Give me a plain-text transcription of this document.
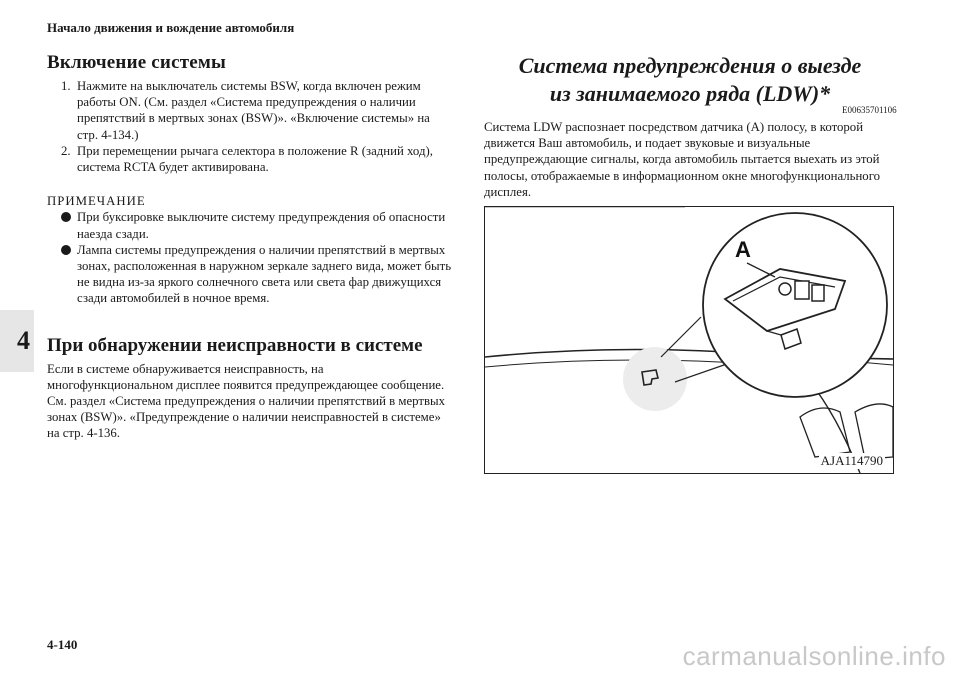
Начало движения и вождение автомобиля
4
Включение системы
1. Нажмите на выключатель системы BSW, когда включен режим работы ON. (См. раздел «Система предупреждения о наличии препятствий в мертвых зонах (BSW)». «Включение системы» на стр. 4-134.)
2. При перемещении рычага селектора в положение R (задний ход), система RCTA будет активирована.
ПРИМЕЧАНИЕ
При буксировке выключите систему предупреждения об опасности наезда сзади.
Лампа системы предупреждения о наличии препятствий в мертвых зонах, расположенная в наружном зеркале заднего вида, может быть не видна из-за яркого солнечного света или света фар движущихся сзади автомобилей в ночное время.
При обнаружении неисправности в системе

Если в системе обнаруживается неисправность, на многофункциональном дисплее появится предупреждающее сообщение.

См. раздел «Система предупреждения о наличии препятствий в мертвых зонах (BSW)». «Предупреждение о наличии неисправностей в системе» на стр. 4-136.

Система предупреждения о выезде
из занимаемого ряда (LDW)*
E00635701106
Система LDW распознает посредством датчика (A) полосу, в которой движется Ваш автомобиль, и подает звуковые и визуальные предупреждающие сигналы, когда автомобиль пытается выехать из этой полосы, отображаемые в информационном окне многофункционального дисплея.
A
AJA114790
4-140	carmanualsonline.info
